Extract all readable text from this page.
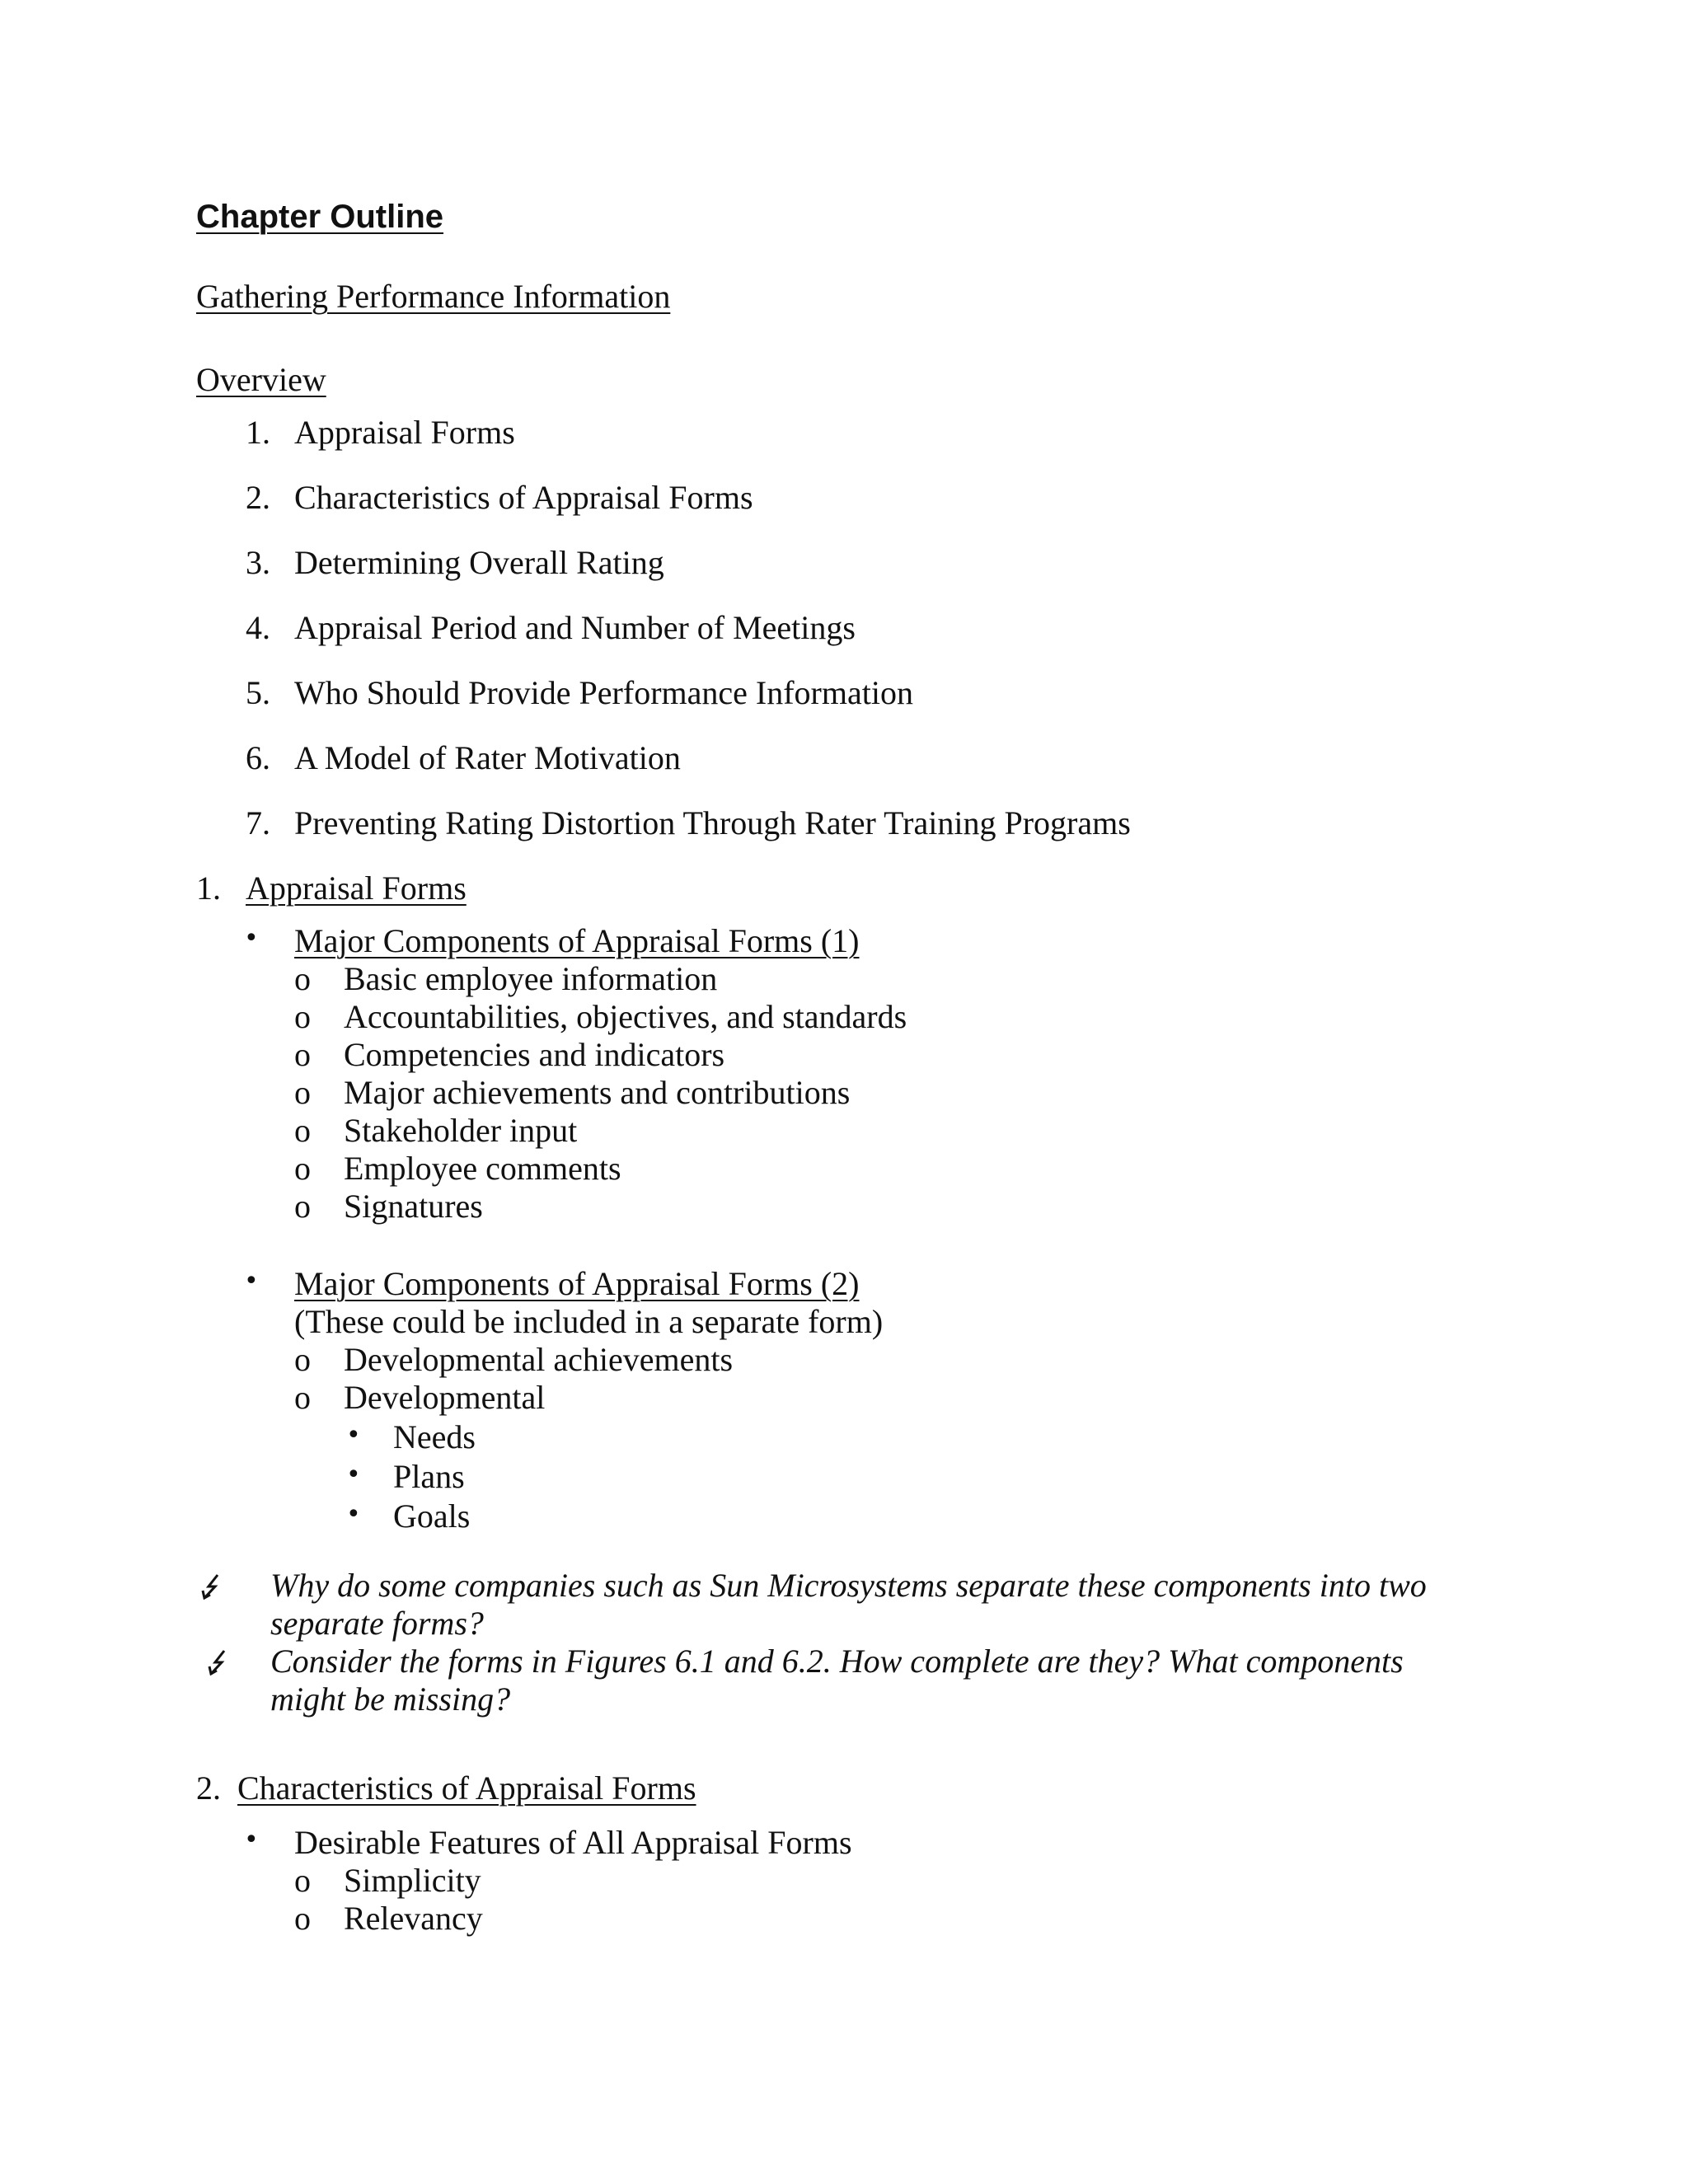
Chapter Outline
Gathering Performance Information
Overview
1. Appraisal Forms
2. Characteristics of Appraisal Forms
3. Determining Overall Rating
4. Appraisal Period and Number of Meetings
5. Who Should Provide Performance Information
6. A Model of Rater Motivation
7. Preventing Rating Distortion Through Rater Training Programs
1. Appraisal Forms
• Major Components of Appraisal Forms (1)
o Basic employee information
o Accountabilities, objectives, and standards
o Competencies and indicators
o Major achievements and contributions
o Stakeholder input
o Employee comments
o Signatures
• Major Components of Appraisal Forms (2)
(These could be included in a separate form)
o Developmental achievements
o Developmental
• Needs
• Plans
• Goals
Why do some companies such as Sun Microsystems separate these components into two
separate forms?
Consider the forms in Figures 6.1 and 6.2. How complete are they? What components
might be missing?
2. Characteristics of Appraisal Forms
• Desirable Features of All Appraisal Forms
o Simplicity
o Relevancy
